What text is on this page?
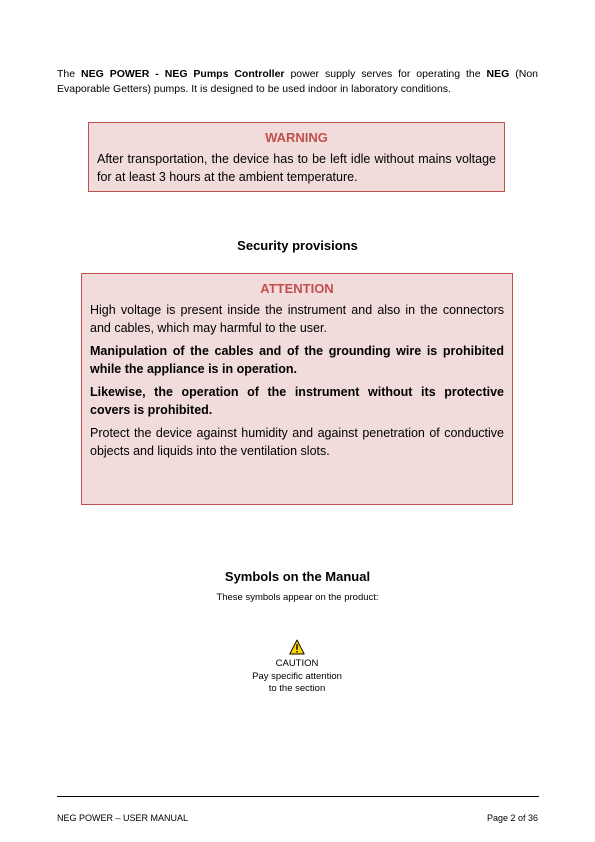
The NEG POWER - NEG Pumps Controller power supply serves for operating the NEG (Non Evaporable Getters) pumps. It is designed to be used indoor in laboratory conditions.
WARNING
After transportation, the device has to be left idle without mains voltage for at least 3 hours at the ambient temperature.
Security provisions
ATTENTION

High voltage is present inside the instrument and also in the connectors and cables, which may harmful to the user.

Manipulation of the cables and of the grounding wire is prohibited while the appliance is in operation.

Likewise, the operation of the instrument without its protective covers is prohibited.

Protect the device against humidity and against penetration of conductive objects and liquids into the ventilation slots.

Symbols on the Manual
These symbols appear on the product:
CAUTION
Pay specific attention to the section
NEG POWER – USER MANUAL	Page 2 of 36
